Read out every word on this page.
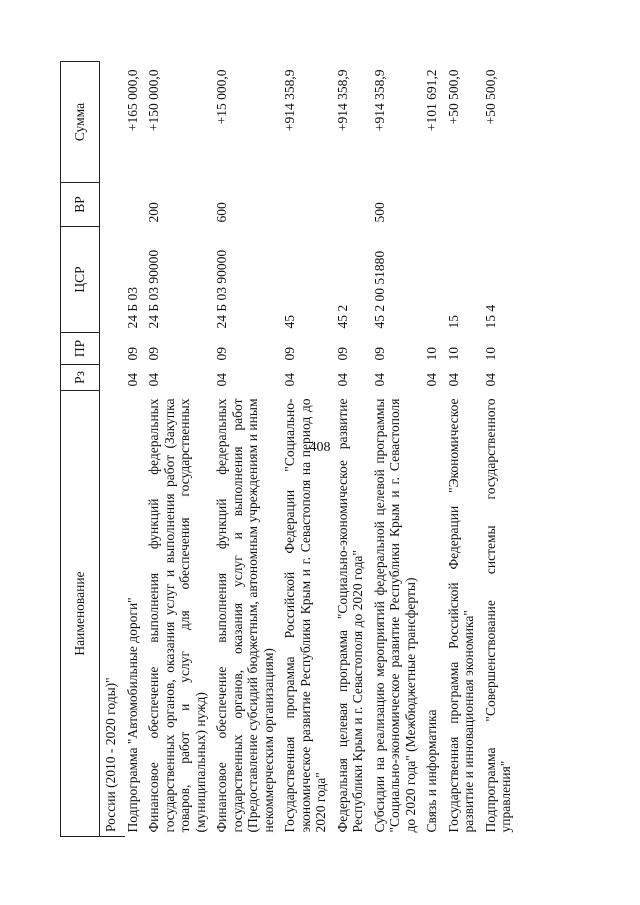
408
Наименование	Рз	ПР	ЦСР	ВР	Сумма
России (2010 - 2020 годы)"					
Подпрограмма "Автомобильные дороги"	04	09	24 Б 03		+165 000,0
Финансовое обеспечение выполнения функций федеральных государственных органов, оказания услуг и выполнения работ (Закупка товаров, работ и услуг для обеспечения государственных (муниципальных) нужд)	04	09	24 Б 03 90000	200	+150 000,0
Финансовое обеспечение выполнения функций федеральных государственных органов, оказания услуг и выполнения работ (Предоставление субсидий бюджетным, автономным учреждениям и иным некоммерческим организациям)	04	09	24 Б 03 90000	600	+15 000,0
Государственная программа Российской Федерации "Социально-экономическое развитие Республики Крым и г. Севастополя на период до 2020 года"	04	09	45		+914 358,9
Федеральная целевая программа "Социально-экономическое развитие Республики Крым и г. Севастополя до 2020 года"	04	09	45 2		+914 358,9
Субсидии на реализацию мероприятий федеральной целевой программы "Социально-экономическое развитие Республики Крым и г. Севастополя до 2020 года" (Межбюджетные трансферты)	04	09	45 2 00 51880	500	+914 358,9
Связь и информатика	04	10			+101 691,2
Государственная программа Российской Федерации "Экономическое развитие и инновационная экономика"	04	10	15		+50 500,0
Подпрограмма "Совершенствование системы государственного управления"	04	10	15 4		+50 500,0
